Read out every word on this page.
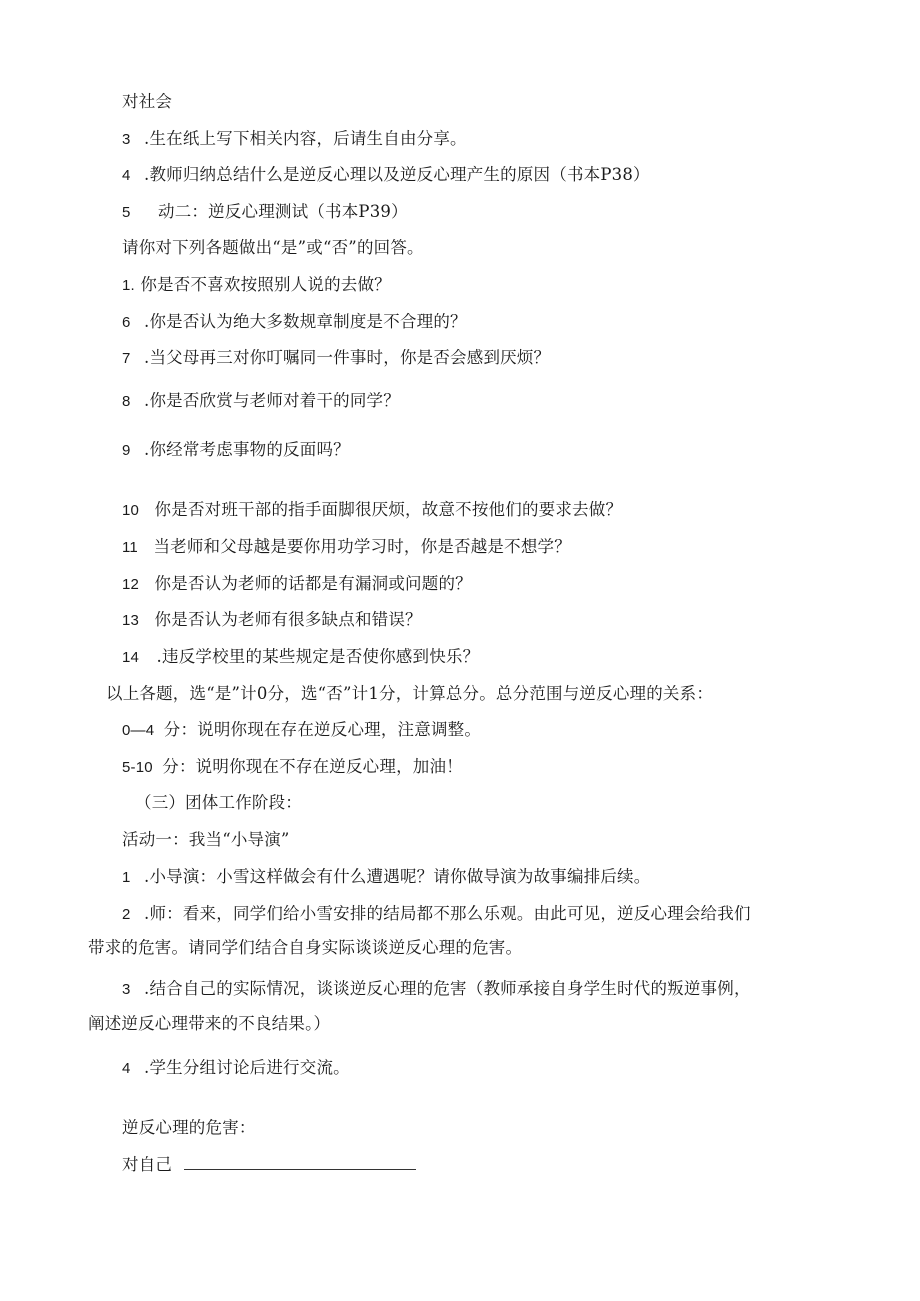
对社会
3 .生在纸上写下相关内容，后请生自由分享。
4 .教师归纳总结什么是逆反心理以及逆反心理产生的原因（书本P38）
5 动二：逆反心理测试（书本P39）
请你对下列各题做出“是”或“否”的回答。
1. 你是否不喜欢按照别人说的去做？
6 .你是否认为绝大多数规章制度是不合理的？
7 .当父母再三对你叮嘱同一件事时，你是否会感到厌烦？
8 .你是否欣赏与老师对着干的同学？
9 .你经常考虑事物的反面吗？
10 你是否对班干部的指手面脚很厌烦，故意不按他们的要求去做？
11 当老师和父母越是要你用功学习时，你是否越是不想学？
12 你是否认为老师的话都是有漏洞或问题的？
13 你是否认为老师有很多缺点和错误？
14 .违反学校里的某些规定是否使你感到快乐？
以上各题，选“是”计0分，选“否”计1分，计算总分。总分范围与逆反心理的关系：
0—4 分：说明你现在存在逆反心理，注意调整。
5-10 分：说明你现在不存在逆反心理，加油！
（三）团体工作阶段：
活动一：我当“小导演”
1 .小导演：小雪这样做会有什么遭遇呢？请你做导演为故事编排后续。
2 .师：看来，同学们给小雪安排的结局都不那么乐观。由此可见，逆反心理会给我们
带求的危害。请同学们结合自身实际谈谈逆反心理的危害。
3 .结合自己的实际情况，谈谈逆反心理的危害（教师承接自身学生时代的叛逆事例，
阐述逆反心理带来的不良结果。）
4 .学生分组讨论后进行交流。
逆反心理的危害：
对自己
